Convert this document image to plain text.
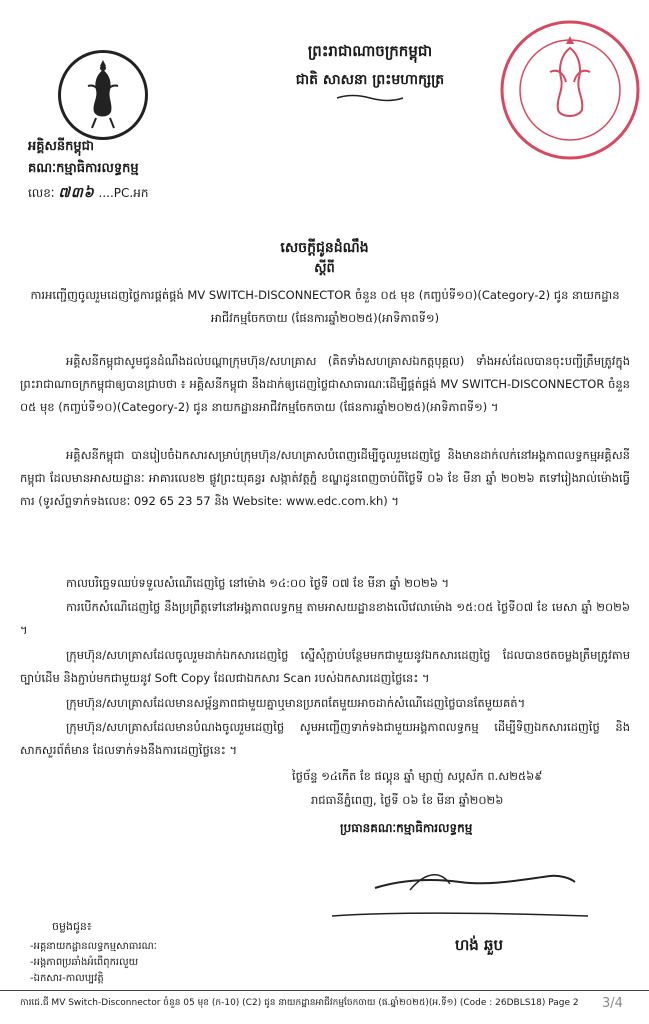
ព្រះរាជាណាចក្រកម្ពុជា
ជាតិ សាសនា ព្រះមហាក្សត្រ
អគ្គិសនីកម្ពុជា
គណៈកម្មាធិការលទ្ធកម្ម
លេខៈ ៧៣៦ ....PC.អក
សេចក្តីជូនដំណឹង
ស្តីពី
ការអញ្ជើញចូលរួមដេញថ្លៃការផ្គត់ផ្គង់ MV SWITCH-DISCONNECTOR ចំនួន ០៥ មុខ (កញ្ចប់ទី១០)(Category-2) ជូន នាយកដ្ឋានអាជីវកម្មចែកចាយ (ផែនការឆ្នាំ២០២៥)(អាទិភាពទី១)
អគ្គិសនីកម្ពុជាសូមជូនដំណឹងដល់បណ្តាក្រុមហ៊ុន/សហគ្រាស (គិតទាំងសហគ្រាសឯកត្តបុគ្គល) ទាំងអស់ដែលបានចុះបញ្ជីត្រឹមត្រូវក្នុងព្រះរាជាណាចក្រកម្ពុជាឲ្យបានជ្រាបថា ៖ អគ្គិសនីកម្ពុជា នឹងដាក់ឲ្យដេញថ្លៃជាសាធារណៈដើម្បីផ្គត់ផ្គង់ MV SWITCH-DISCONNECTOR ចំនួន ០៥ មុខ (កញ្ចប់ទី១០)(Category-2) ជូន នាយកដ្ឋានអាជីវកម្មចែកចាយ (ផែនការឆ្នាំ២០២៥)(អាទិភាពទី១) ។
អគ្គិសនីកម្ពុជា បានរៀបចំឯកសារសម្រាប់ក្រុមហ៊ុន/សហគ្រាសបំពេញដើម្បីចូលរួមដេញថ្លៃ និងមានដាក់លក់នៅអង្គភាពលទ្ធកម្មអគ្គិសនីកម្ពុជា ដែលមានអាសយដ្ឋានៈ អាគារលេខ២ ផ្លូវព្រះយុគន្ធរ សង្កាត់វត្តភ្នំ ខណ្ឌដូនពេញចាប់ពីថ្ងៃទី ០៦ ខែ មីនា ឆ្នាំ ២០២៦ តទៅរៀងរាល់ម៉ោងធ្វើការ (ទូរស័ព្ទទាក់ទងលេខៈ 092 65 23 57 និង Website: www.edc.com.kh) ។
កាលបរិច្ឆេទឈប់ទទួលសំណើដេញថ្លៃ នៅម៉ោង ១៤:០០ ថ្ងៃទី ០៧ ខែ មីនា ឆ្នាំ ២០២៦ ។
ការបើកសំណើដេញថ្លៃ នឹងប្រព្រឹត្តទៅនៅអង្គភាពលទ្ធកម្ម តាមអាសយដ្ឋានខាងលើវេលាម៉ោង ១៥:០៥ ថ្ងៃទី០៧ ខែ មេសា ឆ្នាំ ២០២៦ ។
ក្រុមហ៊ុន/សហគ្រាសដែលចូលរួមដាក់ឯកសារដេញថ្លៃ ស្នើសុំភ្ជាប់បន្ថែមមកជាមួយនូវឯកសារដេញថ្លៃ ដែលបានថតចម្លងត្រឹមត្រូវតាមច្បាប់ដើម និងភ្ជាប់មកជាមួយនូវ Soft Copy ដែលជាឯកសារ Scan របស់ឯកសារដេញថ្លៃនេះ ។
ក្រុមហ៊ុន/សហគ្រាសដែលមានសម្ព័ន្ធភាពជាមួយគ្នាឬមានប្រភពតែមួយអាចដាក់សំណើដេញថ្លៃបានតែមួយគត់។
ក្រុមហ៊ុន/សហគ្រាសដែលមានបំណងចូលរួមដេញថ្លៃ សូមអញ្ជើញទាក់ទងជាមួយអង្គភាពលទ្ធកម្ម ដើម្បីទិញឯកសារដេញថ្លៃ និងសាកសួរព័ត៌មាន ដែលទាក់ទងនឹងការដេញថ្លៃនេះ ។
ថ្ងៃច័ន្ទ ១៤កើត ខែ ផល្គុន ឆ្នាំ ម្សាញ់ សប្តស័ក ព.ស២៥៦៩
រាជធានីភ្នំពេញ, ថ្ងៃទី ០៦ ខែ មីនា ឆ្នាំ២០២៦
ប្រធានគណៈកម្មាធិការលទ្ធកម្ម
ហង់ ឆួប
ចម្លងជូន៖
-អគ្គនាយកដ្ឋានលទ្ធកម្មសាធារណៈ
-អង្គភាពប្រឆាំងអំពើពុករលួយ
-ឯកសារ-កាលប្បវត្តិ
ការជេ.ជី MV Switch-Disconnector ចំនួន 05 មុខ (ក-10) (C2) ជូន នាយកដ្ឋានអាជីវកម្មចែកចាយ (ផ.ឆ្នាំ២០២៥)(អ.ទី១) (Code : 26DBLS18) Page 2 3/4
